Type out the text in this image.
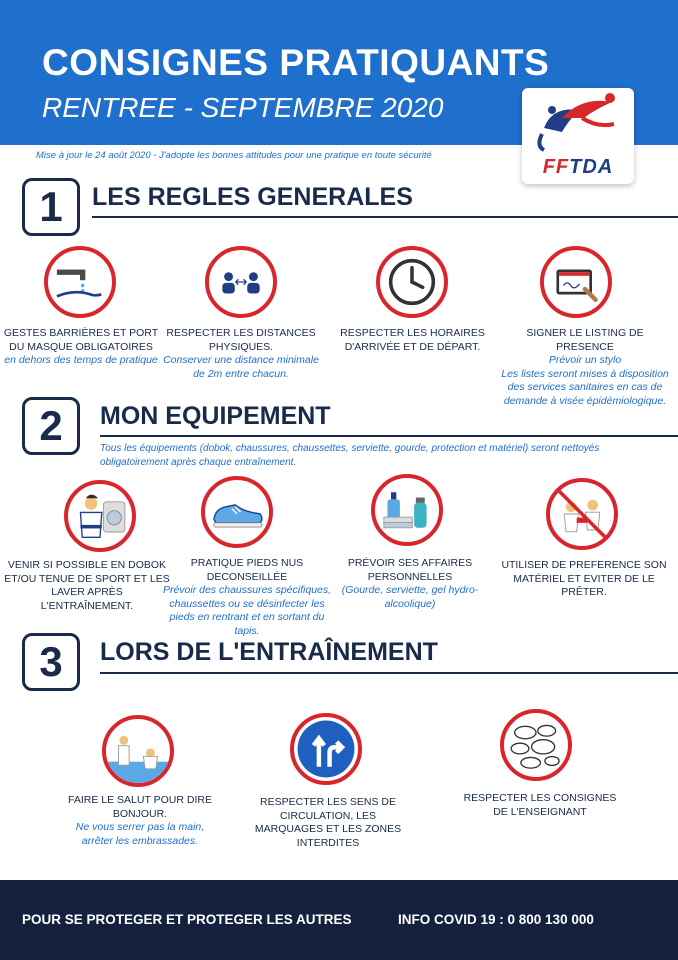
CONSIGNES PRATIQUANTS
RENTREE - SEPTEMBRE 2020
FFTDA
Mise à jour le 24 août 2020 - J'adopte les bonnes attitudes pour une pratique en toute sécurité
1	LES REGLES GENERALES
GESTES BARRIÈRES ET PORT DU MASQUE OBLIGATOIRES
en dehors des temps de pratique
RESPECTER LES DISTANCES PHYSIQUES.
Conserver une distance minimale de 2m entre chacun.
RESPECTER LES HORAIRES D'ARRIVÉE ET DE DÉPART.
SIGNER LE LISTING DE PRESENCE
Prévoir un stylo
Les listes seront mises à disposition des services sanitaires en cas de demande à visée épidémiologique.
2	MON EQUIPEMENT
Tous les équipements (dobok, chaussures, chaussettes, serviette, gourde, protection et matériel) seront nettoyés obligatoirement après chaque entraînement.
VENIR SI POSSIBLE EN DOBOK ET/OU TENUE DE SPORT ET LES LAVER APRÈS L'ENTRAÎNEMENT.
PRATIQUE PIEDS NUS DECONSEILLÉE
Prévoir des chaussures spécifiques, chaussettes ou se désinfecter les pieds en rentrant et en sortant du tapis.
PRÉVOIR SES AFFAIRES PERSONNELLES
(Gourde, serviette, gel hydro-alcoolique)
UTILISER DE PREFERENCE SON MATÉRIEL ET EVITER DE LE PRÊTER.
3	LORS DE L'ENTRAÎNEMENT
FAIRE LE SALUT POUR DIRE BONJOUR.
Ne vous serrer pas la main, arrêter les embrassades.
RESPECTER LES SENS DE CIRCULATION, LES MARQUAGES ET LES ZONES INTERDITES
RESPECTER LES CONSIGNES DE L'ENSEIGNANT
POUR SE PROTEGER ET PROTEGER LES AUTRES	INFO COVID 19 : 0 800 130 000
